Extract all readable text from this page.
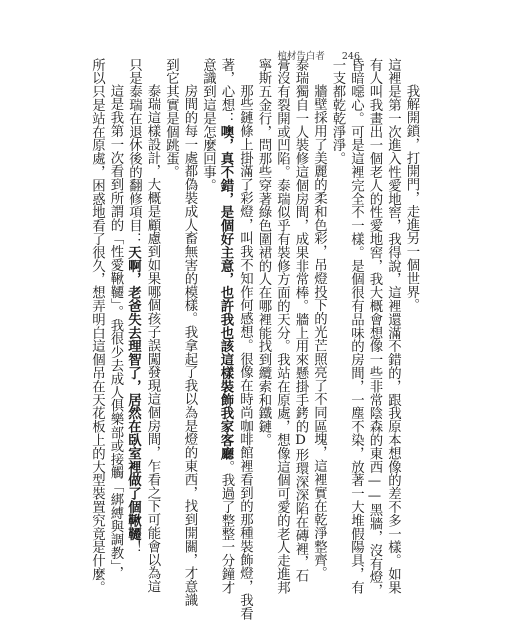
棺材告白者 246
我解開鎖，打開門，走進另一個世界。
這裡是第一次進入性愛地窖，我得說，這裡還滿不錯的，跟我原本想像的差不多一樣。如果
有人叫我畫出一個老人的性愛地窖，我大概會想像一些非常陰森的東西——黑牆，沒有燈，
昏暗噁心。可是這裡完全不一樣。是個很有品味的房間，一塵不染，放著一大堆假陽具，有
一支都乾乾淨淨。
牆壁採用了美麗的柔和色彩，吊燈投下的光芒照亮了不同區塊，這裡實在乾淨整齊。
泰瑞獨自一人裝修這個房間，成果非常棒。牆上用來懸掛手銬的D形環深深陷在磚裡，石
膏沒有裂開或凹陷。泰瑞似乎有裝修方面的天分。我站在原處，想像這個可愛的老人走進邦
寧斯五金行，問那些穿著綠色圍裙的人在哪裡能找到纜索和鐵鏈。
那些鏈條上掛滿了彩燈，叫我不知作何感想。很像在時尚咖啡館裡看到的那種裝飾燈，我看
著，心想：噢，真不錯，是個好主意，也許我也該這樣裝飾我家客廳。我過了整整一分鐘才
意識到這是怎麼回事。
房間的每一處都偽裝成人畜無害的模樣。我拿起了我以為是燈的東西，找到開關，才意識
到它其實是個跳蛋。
泰瑞這樣設計，大概是顧慮到如果哪個孩子誤闖發現這個房間，乍看之下可能會以為這
只是泰瑞在退休後的翻修項目：天啊，老爸失去理智了，居然在臥室裡做了個鞦韆！
這是我第一次看到所謂的「性愛鞦韆」。我很少去成人俱樂部或接觸「綁縛與調教」，
所以只是站在原處，困惑地看了很久，想弄明白這個吊在天花板上的大型裝置究竟是什麼。
